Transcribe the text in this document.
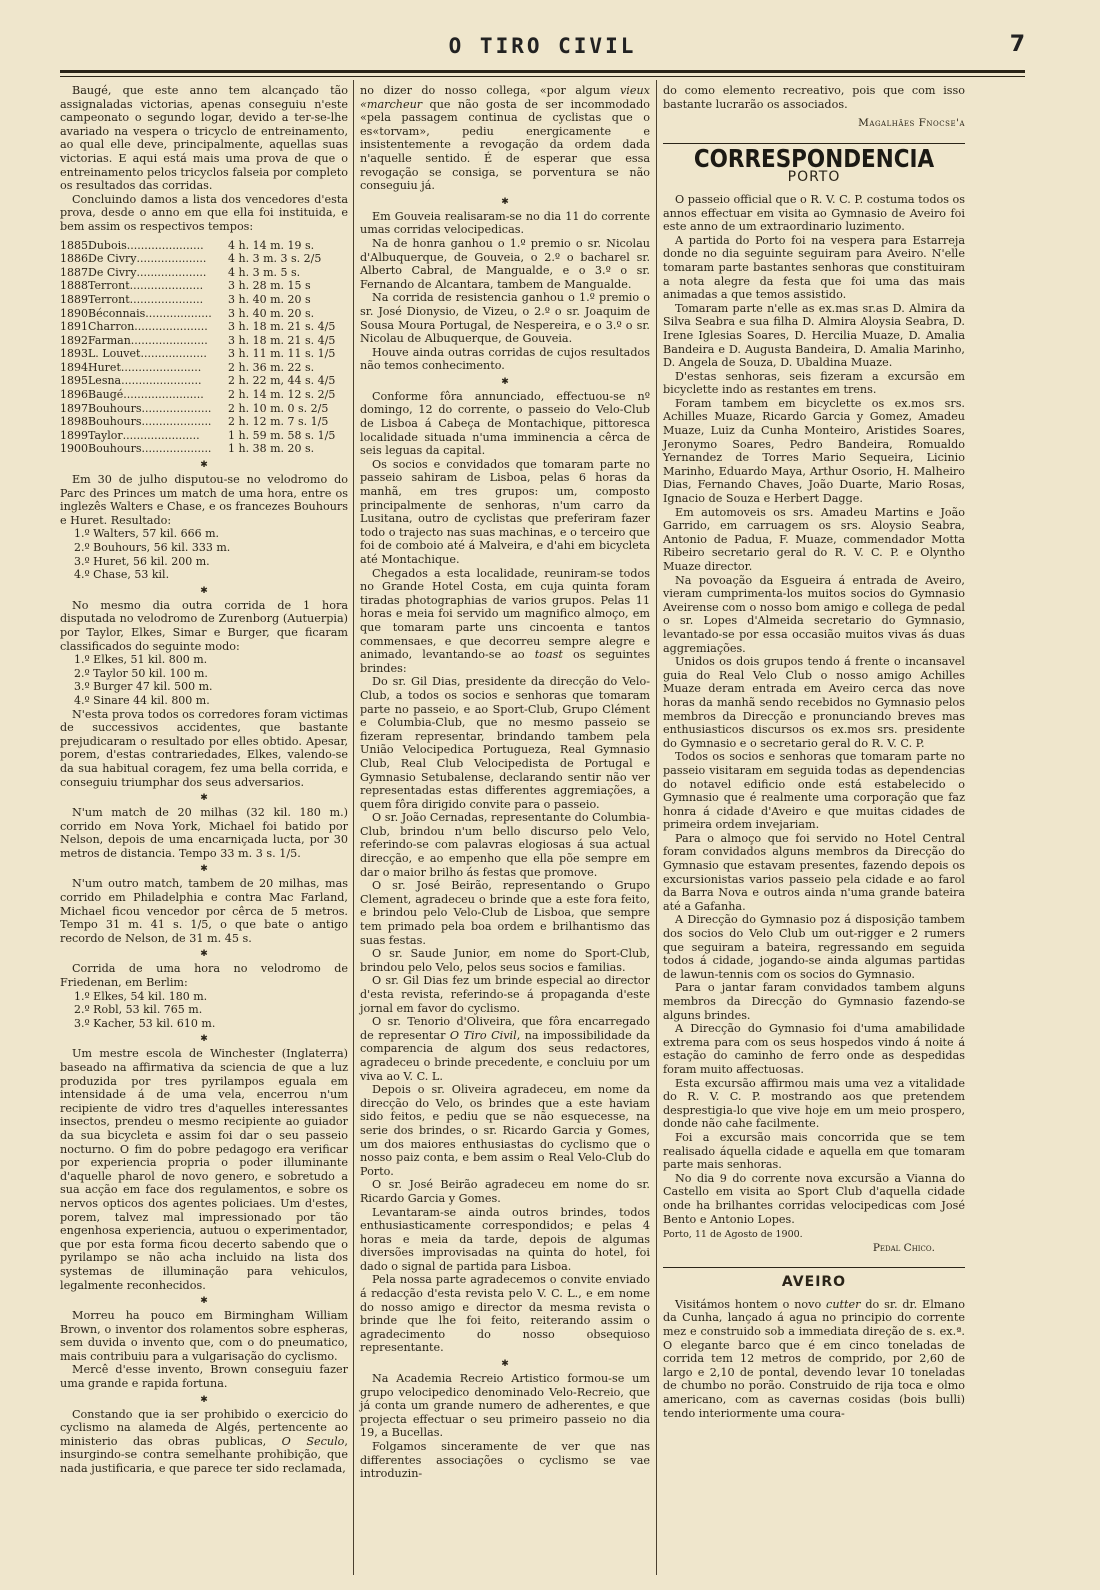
O TIRO CIVIL	7

Baugé, que este anno tem alcançado tão assignaladas victorias, apenas conseguiu n'este campeonato o segundo logar, devido a ter-se-lhe avariado na vespera o tricyclo de entreinamento, ao qual elle deve, principalmente, aquellas suas victorias. E aqui está mais uma prova de que o entreinamento pelos tricyclos falseia por completo os resultados das corridas.

Concluindo damos a lista dos vencedores d'esta prova, desde o anno em que ella foi instituida, e bem assim os respectivos tempos:

1885	Dubois......................	4 h. 14 m. 19 s.
1886	De Civry....................	4 h. 3 m. 3 s. 2/5
1887	De Civry....................	4 h. 3 m. 5 s.
1888	Terront.....................	3 h. 28 m. 15 s
1889	Terront.....................	3 h. 40 m. 20 s
1890	Béconnais...................	3 h. 40 m. 20 s.
1891	Charron.....................	3 h. 18 m. 21 s. 4/5
1892	Farman......................	3 h. 18 m. 21 s. 4/5
1893	L. Louvet...................	3 h. 11 m. 11 s. 1/5
1894	Huret.......................	2 h. 36 m. 22 s.
1895	Lesna.......................	2 h. 22 m, 44 s. 4/5
1896	Baugé.......................	2 h. 14 m. 12 s. 2/5
1897	Bouhours....................	2 h. 10 m. 0 s. 2/5
1898	Bouhours....................	2 h. 12 m. 7 s. 1/5
1899	Taylor......................	1 h. 59 m. 58 s. 1/5
1900	Bouhours....................	1 h. 38 m. 20 s.
✱

Em 30 de julho disputou-se no velodromo do Parc des Princes um match de uma hora, entre os inglezês Walters e Chase, e os francezes Bouhours e Huret. Resultado:

1.º Walters, 57 kil. 666 m.
2.º Bouhours, 56 kil. 333 m.
3.º Huret, 56 kil. 200 m.
4.º Chase, 53 kil.
✱

No mesmo dia outra corrida de 1 hora disputada no velodromo de Zurenborg (Autuerpia) por Taylor, Elkes, Simar e Burger, que ficaram classificados do seguinte modo:

1.º Elkes, 51 kil. 800 m.
2.º Taylor 50 kil. 100 m.
3.º Burger 47 kil. 500 m.
4.º Sinare 44 kil. 800 m.

N'esta prova todos os corredores foram victimas de successivos accidentes, que bastante prejudicaram o resultado por elles obtido. Apesar, porem, d'estas contrariedades, Elkes, valendo-se da sua habitual coragem, fez uma bella corrida, e conseguiu triumphar dos seus adversarios.

✱

N'um match de 20 milhas (32 kil. 180 m.) corrido em Nova York, Michael foi batido por Nelson, depois de uma encarniçada lucta, por 30 metros de distancia. Tempo 33 m. 3 s. 1/5.

✱

N'um outro match, tambem de 20 milhas, mas corrido em Philadelphia e contra Mac Farland, Michael ficou vencedor por cêrca de 5 metros. Tempo 31 m. 41 s. 1/5, o que bate o antigo recordo de Nelson, de 31 m. 45 s.

✱

Corrida de uma hora no velodromo de Friedenan, em Berlim:

1.º Elkes, 54 kil. 180 m.
2.º Robl, 53 kil. 765 m.
3.º Kacher, 53 kil. 610 m.
✱

Um mestre escola de Winchester (Inglaterra) baseado na affirmativa da sciencia de que a luz produzida por tres pyrilampos eguala em intensidade á de uma vela, encerrou n'um recipiente de vidro tres d'aquelles interessantes insectos, prendeu o mesmo recipiente ao guiador da sua bicycleta e assim foi dar o seu passeio nocturno. O fim do pobre pedagogo era verificar por experiencia propria o poder illuminante d'aquelle pharol de novo genero, e sobretudo a sua acção em face dos regulamentos, e sobre os nervos opticos dos agentes policiaes. Um d'estes, porem, talvez mal impressionado por tão engenhosa experiencia, autuou o experimentador, que por esta forma ficou decerto sabendo que o pyrilampo se não acha incluido na lista dos systemas de illuminação para vehiculos, legalmente reconhecidos.

✱

Morreu ha pouco em Birmingham William Brown, o inventor dos rolamentos sobre espheras, sem duvida o invento que, com o do pneumatico, mais contribuiu para a vulgarisação do cyclismo.

Mercê d'esse invento, Brown conseguiu fazer uma grande e rapida fortuna.

✱

Constando que ia ser prohibido o exercicio do cyclismo na alameda de Algés, pertencente ao ministerio das obras publicas, O Seculo, insurgindo-se contra semelhante prohibição, que nada justificaria, e que parece ter sido reclamada,

no dizer do nosso collega, «por algum vieux «marcheur que não gosta de ser incommodado «pela passagem continua de cyclistas que o es«torvam», pediu energicamente e insistentemente a revogação da ordem dada n'aquelle sentido. É de esperar que essa revogação se consiga, se porventura se não conseguiu já.

✱

Em Gouveia realisaram-se no dia 11 do corrente umas corridas velocipedicas.

Na de honra ganhou o 1.º premio o sr. Nicolau d'Albuquerque, de Gouveia, o 2.º o bacharel sr. Alberto Cabral, de Mangualde, e o 3.º o sr. Fernando de Alcantara, tambem de Mangualde.

Na corrida de resistencia ganhou o 1.º premio o sr. José Dionysio, de Vizeu, o 2.º o sr. Joaquim de Sousa Moura Portugal, de Nespereira, e o 3.º o sr. Nicolau de Albuquerque, de Gouveia.

Houve ainda outras corridas de cujos resultados não temos conhecimento.

✱

Conforme fôra annunciado, effectuou-se nº domingo, 12 do corrente, o passeio do Velo-Club de Lisboa á Cabeça de Montachique, pittoresca localidade situada n'uma imminencia a cêrca de seis leguas da capital.

Os socios e convidados que tomaram parte no passeio sahiram de Lisboa, pelas 6 horas da manhã, em tres grupos: um, composto principalmente de senhoras, n'um carro da Lusitana, outro de cyclistas que preferiram fazer todo o trajecto nas suas machinas, e o terceiro que foi de comboio até á Malveira, e d'ahi em bicycleta até Montachique.

Chegados a esta localidade, reuniram-se todos no Grande Hotel Costa, em cuja quinta foram tiradas photographias de varios grupos. Pelas 11 horas e meia foi servido um magnifico almoço, em que tomaram parte uns cincoenta e tantos commensaes, e que decorreu sempre alegre e animado, levantando-se ao toast os seguintes brindes:

Do sr. Gil Dias, presidente da direcção do Velo-Club, a todos os socios e senhoras que tomaram parte no passeio, e ao Sport-Club, Grupo Clément e Columbia-Club, que no mesmo passeio se fizeram representar, brindando tambem pela União Velocipedica Portugueza, Real Gymnasio Club, Real Club Velocipedista de Portugal e Gymnasio Setubalense, declarando sentir não ver representadas estas differentes aggremiações, a quem fôra dirigido convite para o passeio.

O sr. João Cernadas, representante do Columbia-Club, brindou n'um bello discurso pelo Velo, referindo-se com palavras elogiosas á sua actual direcção, e ao empenho que ella põe sempre em dar o maior brilho ás festas que promove.

O sr. José Beirão, representando o Grupo Clement, agradeceu o brinde que a este fora feito, e brindou pelo Velo-Club de Lisboa, que sempre tem primado pela boa ordem e brilhantismo das suas festas.

O sr. Saude Junior, em nome do Sport-Club, brindou pelo Velo, pelos seus socios e familias.

O sr. Gil Dias fez um brinde especial ao director d'esta revista, referindo-se á propaganda d'este jornal em favor do cyclismo.

O sr. Tenorio d'Oliveira, que fôra encarregado de representar O Tiro Civil, na impossibilidade da comparencia de algum dos seus redactores, agradeceu o brinde precedente, e concluiu por um viva ao V. C. L.

Depois o sr. Oliveira agradeceu, em nome da direcção do Velo, os brindes que a este haviam sido feitos, e pediu que se não esquecesse, na serie dos brindes, o sr. Ricardo Garcia y Gomes, um dos maiores enthusiastas do cyclismo que o nosso paiz conta, e bem assim o Real Velo-Club do Porto.

O sr. José Beirão agradeceu em nome do sr. Ricardo Garcia y Gomes.

Levantaram-se ainda outros brindes, todos enthusiasticamente correspondidos; e pelas 4 horas e meia da tarde, depois de algumas diversões improvisadas na quinta do hotel, foi dado o signal de partida para Lisboa.

Pela nossa parte agradecemos o convite enviado á redacção d'esta revista pelo V. C. L., e em nome do nosso amigo e director da mesma revista o brinde que lhe foi feito, reiterando assim o agradecimento do nosso obsequioso representante.

✱

Na Academia Recreio Artistico formou-se um grupo velocipedico denominado Velo-Recreio, que já conta um grande numero de adherentes, e que projecta effectuar o seu primeiro passeio no dia 19, a Bucellas.

Folgamos sinceramente de ver que nas differentes associações o cyclismo se vae introduzin-

do como elemento recreativo, pois que com isso bastante lucrarão os associados.

Magalhães Fnocse'a
CORRESPONDENCIA
PORTO

O passeio official que o R. V. C. P. costuma todos os annos effectuar em visita ao Gymnasio de Aveiro foi este anno de um extraordinario luzimento.

A partida do Porto foi na vespera para Estarreja donde no dia seguinte seguiram para Aveiro. N'elle tomaram parte bastantes senhoras que constituiram a nota alegre da festa que foi uma das mais animadas a que temos assistido.

Tomaram parte n'elle as ex.mas sr.as D. Almira da Silva Seabra e sua filha D. Almira Aloysia Seabra, D. Irene Iglesias Soares, D. Hercilia Muaze, D. Amalia Bandeira e D. Augusta Bandeira, D. Amalia Marinho, D. Angela de Souza, D. Ubaldina Muaze.

D'estas senhoras, seis fizeram a excursão em bicyclette indo as restantes em trens.

Foram tambem em bicyclette os ex.mos srs. Achilles Muaze, Ricardo Garcia y Gomez, Amadeu Muaze, Luiz da Cunha Monteiro, Aristides Soares, Jeronymo Soares, Pedro Bandeira, Romualdo Yernandez de Torres Mario Sequeira, Licinio Marinho, Eduardo Maya, Arthur Osorio, H. Malheiro Dias, Fernando Chaves, João Duarte, Mario Rosas, Ignacio de Souza e Herbert Dagge.

Em automoveis os srs. Amadeu Martins e João Garrido, em carruagem os srs. Aloysio Seabra, Antonio de Padua, F. Muaze, commendador Motta Ribeiro secretario geral do R. V. C. P. e Olyntho Muaze director.

Na povoação da Esgueira á entrada de Aveiro, vieram cumprimenta-los muitos socios do Gymnasio Aveirense com o nosso bom amigo e collega de pedal o sr. Lopes d'Almeida secretario do Gymnasio, levantado-se por essa occasião muitos vivas ás duas aggremiações.

Unidos os dois grupos tendo á frente o incansavel guia do Real Velo Club o nosso amigo Achilles Muaze deram entrada em Aveiro cerca das nove horas da manhã sendo recebidos no Gymnasio pelos membros da Direcção e pronunciando breves mas enthusiasticos discursos os ex.mos srs. presidente do Gymnasio e o secretario geral do R. V. C. P.

Todos os socios e senhoras que tomaram parte no passeio visitaram em seguida todas as dependencias do notavel edificio onde está estabelecido o Gymnasio que é realmente uma corporação que faz honra á cidade d'Aveiro e que muitas cidades de primeira ordem invejariam.

Para o almoço que foi servido no Hotel Central foram convidados alguns membros da Direcção do Gymnasio que estavam presentes, fazendo depois os excursionistas varios passeio pela cidade e ao farol da Barra Nova e outros ainda n'uma grande bateira até a Gafanha.

A Direcção do Gymnasio poz á disposição tambem dos socios do Velo Club um out-rigger e 2 rumers que seguiram a bateira, regressando em seguida todos á cidade, jogando-se ainda algumas partidas de lawun-tennis com os socios do Gymnasio.

Para o jantar faram convidados tambem alguns membros da Direcção do Gymnasio fazendo-se alguns brindes.

A Direcção do Gymnasio foi d'uma amabilidade extrema para com os seus hospedos vindo á noite á estação do caminho de ferro onde as despedidas foram muito affectuosas.

Esta excursão affirmou mais uma vez a vitalidade do R. V. C. P. mostrando aos que pretendem desprestigia-lo que vive hoje em um meio prospero, donde não cahe facilmente.

Foi a excursão mais concorrida que se tem realisado áquella cidade e aquella em que tomaram parte mais senhoras.

No dia 9 do corrente nova excursão a Vianna do Castello em visita ao Sport Club d'aquella cidade onde ha brilhantes corridas velocipedicas com José Bento e Antonio Lopes.

Porto, 11 de Agosto de 1900.
Pedal Chico.
AVEIRO

Visitámos hontem o novo cutter do sr. dr. Elmano da Cunha, lançado á agua no principio do corrente mez e construido sob a immediata direção de s. ex.ª. O elegante barco que é em cinco toneladas de corrida tem 12 metros de comprido, por 2,60 de largo e 2,10 de pontal, devendo levar 10 toneladas de chumbo no porão. Construido de rija toca e olmo americano, com as cavernas cosidas (bois bulli) tendo interiormente uma coura-
